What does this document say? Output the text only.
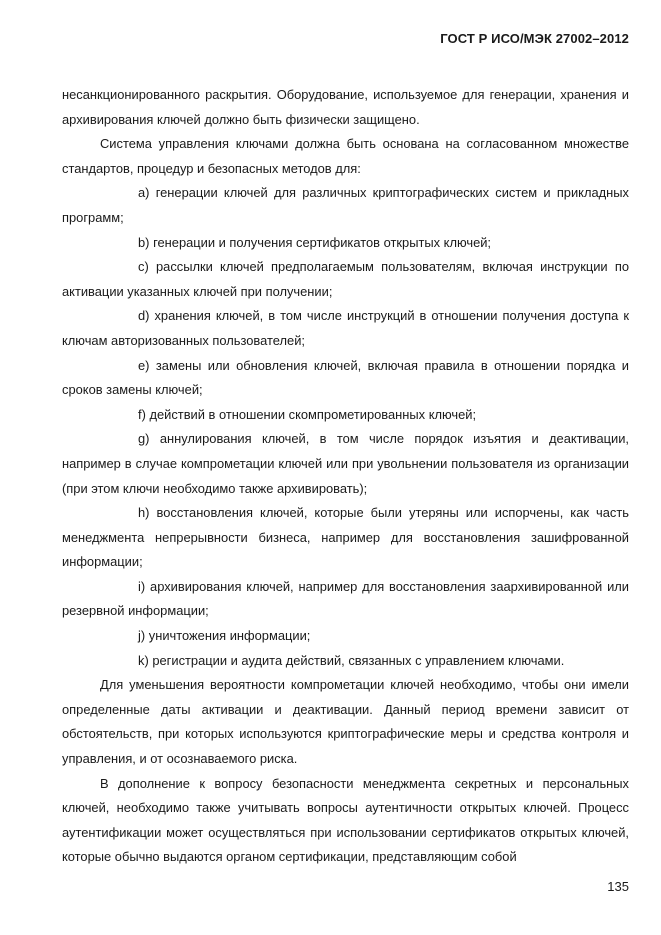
ГОСТ Р ИСО/МЭК 27002–2012

несанкционированного раскрытия. Оборудование, используемое для генерации, хранения и архивирования ключей должно быть физически защищено.

Система управления ключами должна быть основана на согласованном множестве стандартов, процедур и безопасных методов для:

a) генерации ключей для различных криптографических систем и прикладных программ;

b) генерации и получения сертификатов открытых ключей;

c) рассылки ключей предполагаемым пользователям, включая инструкции по активации указанных ключей при получении;

d) хранения ключей, в том числе инструкций в отношении получения доступа к ключам авторизованных пользователей;

e) замены или обновления ключей, включая правила в отношении порядка и сроков замены ключей;

f) действий в отношении скомпрометированных ключей;

g) аннулирования ключей, в том числе порядок изъятия и деактивации, например в случае компрометации ключей или при увольнении пользователя из организации (при этом ключи необходимо также архивировать);

h) восстановления ключей, которые были утеряны или испорчены, как часть менеджмента непрерывности бизнеса, например для восстановления зашифрованной информации;

i) архивирования ключей, например для восстановления заархивированной или резервной информации;

j) уничтожения информации;

k) регистрации и аудита действий, связанных с управлением ключами.

Для уменьшения вероятности компрометации ключей необходимо, чтобы они имели определенные даты активации и деактивации. Данный период времени зависит от обстоятельств, при которых используются криптографические меры и средства контроля и управления, и от осознаваемого риска.

В дополнение к вопросу безопасности менеджмента секретных и персональных ключей, необходимо также учитывать вопросы аутентичности открытых ключей. Процесс аутентификации может осуществляться при использовании сертификатов открытых ключей, которые обычно выдаются органом сертификации, представляющим собой

135
